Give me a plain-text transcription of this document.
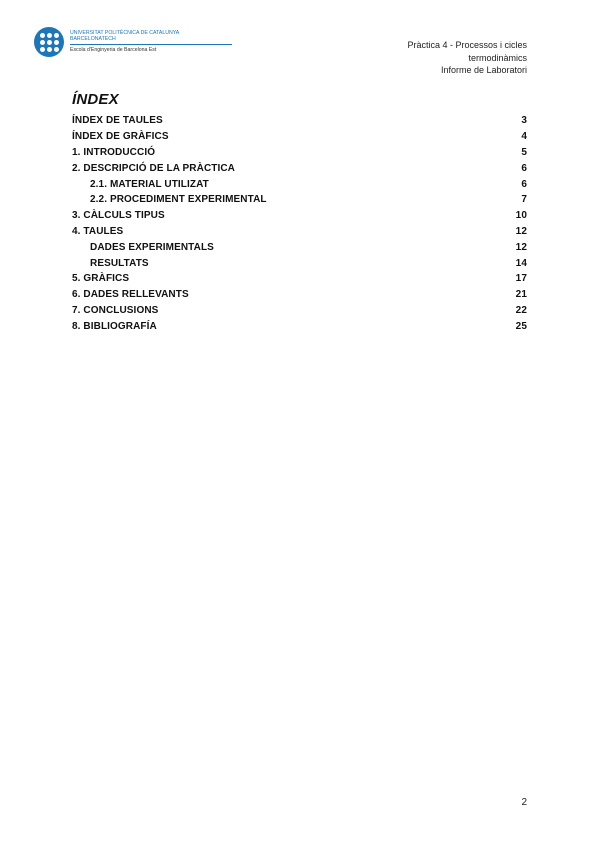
UNIVERSITAT POLITÈCNICA DE CATALUNYA
BARCELONATECH
Escola d'Enginyeria de Barcelona Est	Pràctica 4 - Processos i cicles
termodinàmics
Informe de Laboratori
ÍNDEX
ÍNDEX DE TAULES	3
ÍNDEX DE GRÀFICS	4
1. INTRODUCCIÓ	5
2. DESCRIPCIÓ DE LA PRÀCTICA	6
2.1. MATERIAL UTILIZAT	6
2.2. PROCEDIMENT EXPERIMENTAL	7
3. CÀLCULS TIPUS	10
4. TAULES	12
DADES EXPERIMENTALS	12
RESULTATS	14
5. GRÀFICS	17
6. DADES RELLEVANTS	21
7. CONCLUSIONS	22
8. BIBLIOGRAFÍA	25
2
